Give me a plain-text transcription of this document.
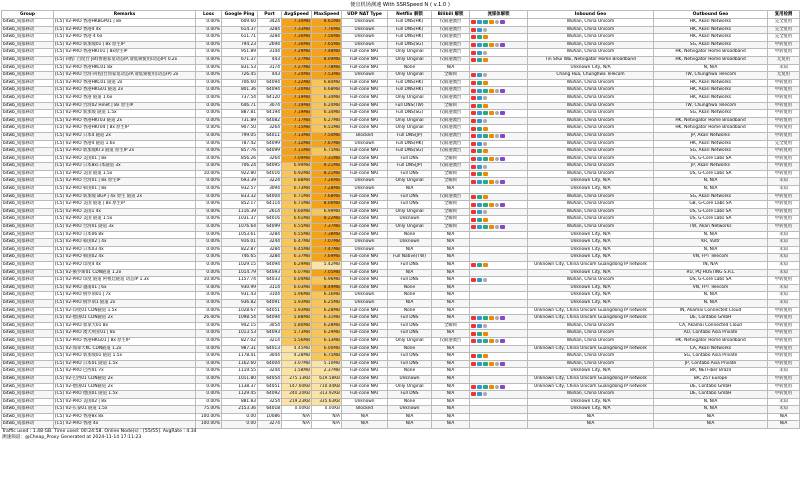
便宜机场测速 With SSRSpeed N ( v.1.0 )
Group	Remarks	Loss	Google Ping	Port	AvgSpeed	MaxSpeed	UDP NAT Type	Netflix 解锁	Bilibili 解锁	流媒体解锁	Inbound Geo	Outbound Geo	复用检测
bitwb_成都移动	[C5] V2-PRO 香港HKBGP01 | 8x	0.00%	609.60	3424	7.34MB	8.61MB	Unknown	Full DNS(HK)	仅限港澳台		Wuhan, China Unicom	HK, Akari Networks	完全复用
bitwb_成都移动	[C5] V2-PRO 香港4 4x	0.00%	614.37	3284	7.33MB	7.76MB	Unknown	Full DNS(HK)	仅限港澳台		Wuhan, China Unicom	HK, Akari Networks	完全复用
bitwb_成都移动	[C5] V2-PRO 香港 4 6x	0.00%	611.71	3284	7.30MB	7.56MB	Unknown	Full DNS(HK)	仅限港澳台		Wuhan, China Unicom	HK, Akari Networks	完全复用
bitwb_成都移动	[C5] V2-PRO 新加坡01 | 8x 原生IP	0.00%	794.23	2694	7.30MB	7.65MB	Unknown	Full DNS(SG)	仅限港澳台		Wuhan, China Unicom	SG, Akari Networks	中转复用
bitwb_成都移动	[C5] V2-PRO 香港HKT01 | 8x原生IP	0.00%	951.89	3144	7.29MB	7.48MB	Full-cone NAT	Only Original	仅限港澳台		Wuhan, China Unicom	HK, Netvigator Home Broadband	中转复用
bitwb_成都移动	[C5] 回程: 百度台 Jet(香港家宽动态IP,请低频使用/动态IP) 0.2x	0.00%	671.37	443	7.27MB	8.09MB	Full-cone NAT	Only Original	仅限港澳台		Tin Shui Wai, Netvigator Home Broadband	HK, Netvigator Home Broadband	无复用
bitwb_成都移动	[C5] V2-PRO 香港HKC01 8x	0.00%	831.53	3174	7.27MB	7.78MB	Full-cone NAT	None	N/A		Unknown City, N/A	N, N/A	未知
bitwb_成都移动	[C5] V2-PRO 台湾-回程(台湾家宽动态IP,请低频使用)动态IP) 2x	0.00%	726.45	443	7.24MB	7.53MB	Unknown	Only Original	全解锁		Chang Hua, Chunghwa Telecom	TW, Chunghwa Telecom	无复用
bitwb_成都移动	[C5] V2-PRO 香港HKC01 隧道 2x	0.00%	706.60	64094	7.22MB	6.84MB	Full-cone NAT	Full DNS(HK)	仅限港澳台		Wuhan, China Unicom	HK, Akari Networks	中转复用
bitwb_成都移动	[C5] V2-PRO 香港HKG01 隧道 2x	0.00%	801.36	64094	7.20MB	6.68MB	Full-cone NAT	Full DNS(HK)	仅限港澳台		Wuhan, China Unicom	HK, Akari Networks	中转复用
bitwb_成都移动	[C5] V2-PRO 香港 隧道 1.6x	0.00%	737.54	64120	7.19MB	6.34MB	Full-cone NAT	Only Original	仅限港澳台		Wuhan, China Unicom	HK, Akari Networks	中转复用
bitwb_成都移动	[C5] V2-PRO 台湾02 Hinet | 8x 原生IP	0.00%	646.71	3074	7.19MB	6.24MB	Full-cone NAT	Full DNS(TW)	全解锁		Wuhan, China Unicom	TW, Chunghwa Telecom	中转复用
bitwb_成都移动	[C5] V2-PRO 新加坡 隧道 1.5x	0.00%	887.81	64194	7.19MB	6.34MB	Full-cone NAT	Full DNS(SG)	仅限港澳台		Wuhan, China Unicom	SG, Akari Networks	中转复用
bitwb_成都移动	[C5] V2-PRO 香港HKT03 隧道 2x	0.00%	731.89	64082	7.17MB	6.27MB	Full-cone NAT	Only Original	仅限港澳台		Wuhan, China Unicom	HK, Netvigator Home Broadband	中转复用
bitwb_成都移动	[C5] V2-PRO 香港HKT04 | 8x 原生IP	0.00%	907.50	3264	7.15MB	6.51MB	Full-cone NAT	Only Original	仅限港澳台		Wuhan, China Unicom	HK, Netvigator Home Broadband	中转复用
bitwb_成都移动	[C5] V2-PRO 日本4 隧道 2x	0.00%	799.05	64011	7.13MB	7.54MB	Blocked	Full DNS(JP)	仅限港澳台		Wuhan, China Unicom	JP, Akari Networks	中转复用
bitwb_成都移动	[C5] V2-PRO 香港4 隧道 1.6x	0.00%	787.42	64099	7.12MB	7.67MB	Unknown	Full DNS(HK)	仅限港澳台		Wuhan, China Unicom	HK, Akari Networks	完全复用
bitwb_成都移动	[C5] V2-PRO 新加坡KT3 隧道 原生IP 2x	0.00%	857.76	64099	7.11MB	6.75MB	Full-cone NAT	Full DNS(SG)	仅限港澳台		Wuhan, China Unicom	SG, Akari Networks	中转复用
bitwb_成都移动	[C5] V2-PRO 美国01 | 8x	0.00%	856.26	3264	7.09MB	7.31MB	Full-cone NAT	Full DNS	全解锁		Wuhan, China Unicom	US, G-Core Labs SA	中转复用
bitwb_成都移动	[C5] V2-PRO 日本8x日本隧道 3x	0.00%	706.24	64095	6.99MB	9.21MB	Full-cone NAT	Full DNS(JP)	仅限港澳台		Wuhan, China Unicom	JP, Akari Networks	中转复用
bitwb_成都移动	[C5] V2-PRO 美国 隧道 1.5x	10.00%	922.80	64016	6.92MB	8.21MB	Full-cone NAT	Full DNS	全解锁		Wuhan, China Unicom	US, G-Core Labs SA	中转复用
bitwb_成都移动	[C5] V2-PRO 台湾01 | 8x 原生IP	0.00%	693.39	3224	6.88MB	7.26MB	Unknown	Only Original	全解锁		Unknown City, N/A	N, N/A	未知
bitwb_成都移动	[C5] V2-PRO 韩国01 | 8x	0.00%	932.57	3094	6.73MB	7.28MB	Unknown	N/A	N/A		Unknown City, N/A	N, N/A	未知
bitwb_成都移动	[C5] V2-PRO 新加坡 BGP | 4x 原生 隧道 2x	0.00%	833.32	64004	6.71MB	7.68MB	Full-cone NAT	Full DNS	仅限港澳台		Wuhan, China Unicom	SG, Akari Networks	中转复用
bitwb_成都移动	[C5] V2-PRO 美国 隧道 | 8x 原生IP	0.00%	852.17	64114	6.71MB	8.00MB	Full-cone NAT	Full DNS	全解锁		Wuhan, China Unicom	GB, G-Core Labs SA	中转复用
bitwb_成都移动	[C5] V2-PRO 美国1 4x	0.00%	1116.39	2614	6.60MB	6.99MB	Full-cone NAT	Only Original	全解锁		Wuhan, China Unicom	US, G-Core Labs SA	中转复用
bitwb_成都移动	[C5] V2-PRO 美国 隧道 1.5x	0.00%	1031.37	64016	6.61MB	8.22MB	Full-cone NAT	Unknown	全解锁		Wuhan, China Unicom	US, G-Core Labs SA	中转复用
bitwb_成都移动	[C5] V2-PRO 台湾01 隧道 3x	0.00%	1076.64	64099	6.55MB	7.37MB	Full-cone NAT	Only Original	全解锁		Wuhan, China Unicom	TW, Akari Networks	中转复用
bitwb_成都移动	[C5] V2-PRO 日本06 8x	0.00%	1053.61	3284	6.55MB	7.38MB	Full-cone NAT	None	N/A		Unknown City, N/A	N, N/A	未知
bitwb_成都移动	[C5] V2-PRO 韩国02 | 4x	0.00%	916.01	3244	6.47MB	7.07MB	Unknown	Unknown	N/A		Unknown City, N/A	KR, Vultr	未知
bitwb_成都移动	[C5] V2-PRO 日本03 4x	0.00%	822.87	3284	6.45MB	7.47MB	Unknown	N/A	N/A		Unknown City, N/A	N, N/A	未知
bitwb_成都移动	[C5] V2-PRO 韩国02 4x	0.00%	746.65	3284	6.37MB	7.69MB	Full-cone NAT	Full Native(TW)	N/A		Unknown City, N/A	VN, FPT Telecom	未知
bitwb_成都移动	[C5] V2-PRO 印度4 4x	0.00%	1029.15	64094	6.29MB	5.42MB	Full-cone NAT	Full DNS	N/A		Unknown City, China Unicom Guangdong IP network	IN, N/A	未知
bitwb_成都移动	[C5] V2-俄罗斯01 CDN隧道 1.2x	0.00%	1014.79	64093	6.07MB	7.05MB	Full-cone NAT	N/A	N/A		Unknown City, N/A	RU, PQ HOSTING S.R.L	未知
bitwb_成都移动	[C5] V2-PRO 印度 隧道 阿根廷隧道 动态IP 1.3x	10.00%	1157.74	64033	6.04MB	6.96MB	Full-cone NAT	Full DNS	N/A		Wuhan, China Unicom	US, G-Core Labs SA	中转复用
bitwb_成都移动	[C5] V2-PRO 越南01 | 6x	0.00%	930.99	3114	6.03MB	8.49MB	Full-cone NAT	None	N/A		Unknown City, N/A	VN, FPT Telecom	未知
bitwb_成都移动	[C5] V2-PRO 俄罗斯01 | 7x	0.00%	931.43	3104	5.96MB	6.16MB	Unknown	None	N/A		Unknown City, N/A	N, N/A	未知
bitwb_成都移动	[C5] V2-PRO 俄罗斯1 隧道 2x	0.00%	936.82	64091	5.93MB	6.25MB	Unknown	N/A	N/A		Unknown City, N/A	N, N/A	未知
bitwb_成都移动	[C5] V2-印度01 CDN隧道 1.5x	0.00%	1028.67	64051	5.93MB	6.28MB	Full-cone NAT	None	N/A		Unknown City, China Unicom Guangdong IP network	IN, Akamai Connected Cloud	中转复用
bitwb_成都移动	[C5] V2-德国01 CDN隧道 2x	26.00%	1098.54	64094	5.88MB	6.31MB	Full-cone NAT	Full DNS	N/A		Unknown City, China Unicom Guangdong IP network	DE, Contabo GmbH	中转复用
bitwb_成都移动	[C5] V2-PRO 加拿大01 8x	0.00%	942.15	3054	5.80MB	6.28MB	Full-cone NAT	Full DNS	全解锁		Wuhan, China Unicom	CA, Akamai Connected Cloud	中转复用
bitwb_成都移动	[C5] V2-PRO 澳大利亚01 | 8x	0.00%	1013.53	64093	5.73MB	6.29MB	Full-cone NAT	Full DNS	N/A		Wuhan, China Unicom	AU, Contabo Asia Private	中转复用
bitwb_成都移动	[C5] V2-PRO 香港HKG01 | 8x 原生IP	0.00%	827.02	3214	5.56MB	6.13MB	Full-cone NAT	Only Original	仅限港澳台		Wuhan, China Unicom	HK, Netvigator Home Broadband	中转复用
bitwb_成都移动	[C5] V2-加拿大KC CDN隧道 1.2x	0.00%	987.31	64013	4.45MB	6.00MB	Full-cone NAT	None	N/A		Unknown City, China Unicom Guangdong IP network	CA, Akari Networks	中转复用
bitwb_成都移动	[C5] V2-PRO 新加坡01 隧道 1.5x	0.00%	1178.41	3044	4.28MB	6.75MB	Full-cone NAT	Full DNS	N/A		Wuhan, China Unicom	SG, Contabo Asia Private	中转复用
bitwb_成都移动	[C5] V2-PRO 日本01 隧道 1.5x	0.00%	1162.60	64004	3.07MB	5.10MB	Full-cone NAT	Full DNS	N/A		Wuhan, China Unicom	JP, Contabo Asia Private	中转复用
bitwb_成都移动	[C5] V2-PRO 巴西01 7x	0.00%	1119.55	3244	1.58MB	2.37MB	Full-cone NAT	None	N/A		Unknown City, N/A	BR, NETFiber Brazil	未知
bitwb_成都移动	[C5] V2-巴西01 CDN隧道 2x	0.00%	1011.80	64054	275.13KB	619.58KB	Full-cone NAT	Unknown	N/A		Unknown City, China Unicom Guangdong IP network	BR, 257 Europe	中转复用
bitwb_成都移动	[C5] V2-德国01 CDN隧道 2x	0.00%	1138.37	64051	147.60KB	710.44KB	Full-cone NAT	Only Original	N/A		Unknown City, China Unicom Guangdong IP network	DE, Contabo GmbH	中转复用
bitwb_成都移动	[C5] V2-PRO 德国01 隧道 1.5x	0.00%	1129.45	64092	240.20KB	313.92KB	Full-cone NAT	Full DNS	N/A		Wuhan, China Unicom	DE, Contabo GmbH	中转复用
bitwb_成都移动	[C5] V2-PRO 美国02 | 8x	0.00%	881.83	3254	219.23KB	335.63KB	Unknown	None	N/A		Unknown City, N/A	N, N/A	未知
bitwb_成都移动	[C5] V2-长泰01 隧道 1.5x	75.00%	2153.36	64018	0.00KB	0.00KB	Blocked	Unknown	N/A		Unknown City, N/A	N, N/A	未知
bitwb_成都移动	[C5] V2-PRO 香港8x 8x	100.00%	0.00	10086	N/A	N/A	N/A	N/A	N/A		N/A	N/A	N/A
bitwb_成都移动	[C5] V2-PRO 香港 4x	100.00%	0.00	3274	N/A	N/A	N/A	N/A	N/A		N/A	N/A	N/A
Traffic used : 1.48 GB. Time used: 00:24:58. Online Node(s) : [55/55]. AvgRate : 4.34
测速频道：@Cheap_Proxy Generated at 2024-11-14 17:11:23
